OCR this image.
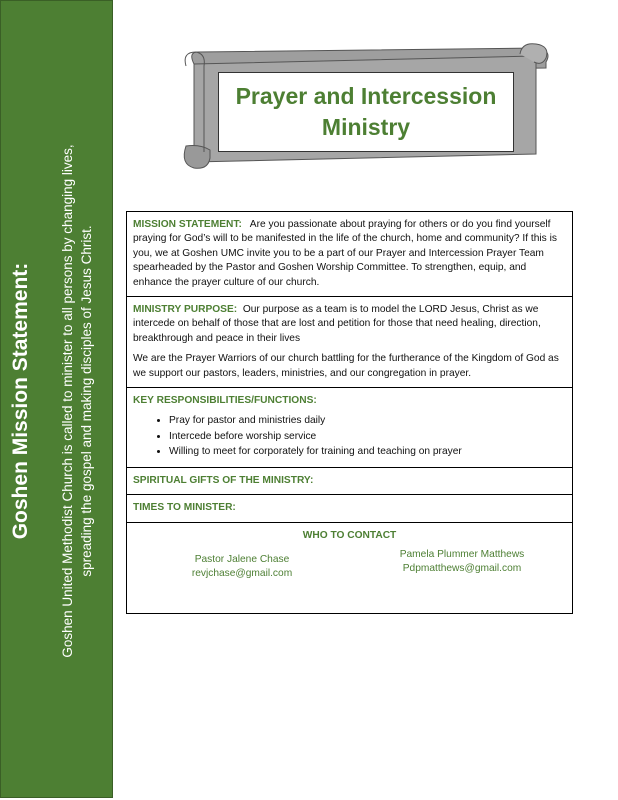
Goshen Mission Statement: Goshen United Methodist Church is called to minister to all persons by changing lives, spreading the gospel and making disciples of Jesus Christ.
Prayer and Intercession
Ministry

MISSION STATEMENT: Are you passionate about praying for others or do you find yourself praying for God’s will to be manifested in the life of the church, home and community? If this is you, we at Goshen UMC invite you to be a part of our Prayer and Intercession Prayer Team spearheaded by the Pastor and Goshen Worship Committee. To strengthen, equip, and enhance the prayer culture of our church.

MINISTRY PURPOSE: Our purpose as a team is to model the LORD Jesus, Christ as we intercede on behalf of those that are lost and petition for those that need healing, direction, breakthrough and peace in their lives

We are the Prayer Warriors of our church battling for the furtherance of the Kingdom of God as we support our pastors, leaders, ministries, and our congregation in prayer.

KEY RESPONSIBILITIES/FUNCTIONS:
• Pray for pastor and ministries daily
• Intercede before worship service
• Willing to meet for corporately for training and teaching on prayer
SPIRITUAL GIFTS OF THE MINISTRY:
TIMES TO MINISTER:
WHO TO CONTACT
Pastor Jalene Chase
revjchase@gmail.com
Pamela Plummer Matthews
Pdpmatthews@gmail.com
